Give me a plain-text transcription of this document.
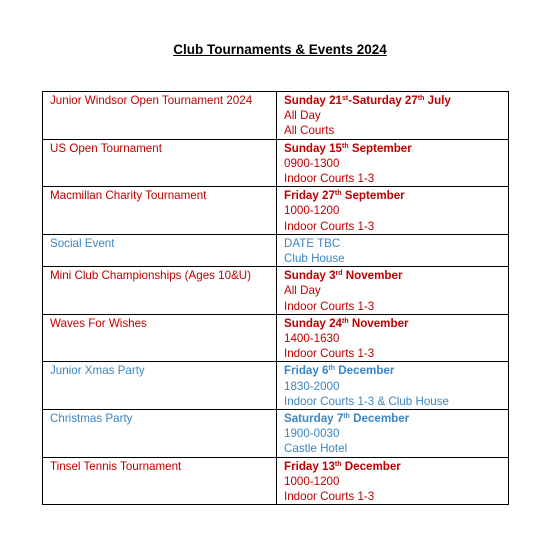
Club Tournaments & Events 2024
Junior Windsor Open Tournament 2024	Sunday 21st-Saturday 27th July
All Day
All Courts

US Open Tournament	Sunday 15th September
0900-1300
Indoor Courts 1-3

Macmillan Charity Tournament	Friday 27th September
1000-1200
Indoor Courts 1-3

Social Event	DATE TBC
Club House

Mini Club Championships (Ages 10&U)	Sunday 3rd November
All Day
Indoor Courts 1-3

Waves For Wishes	Sunday 24th November
1400-1630
Indoor Courts 1-3

Junior Xmas Party	Friday 6th December
1830-2000
Indoor Courts 1-3 & Club House

Christmas Party	Saturday 7th December
1900-0030
Castle Hotel

Tinsel Tennis Tournament	Friday 13th December
1000-1200
Indoor Courts 1-3
